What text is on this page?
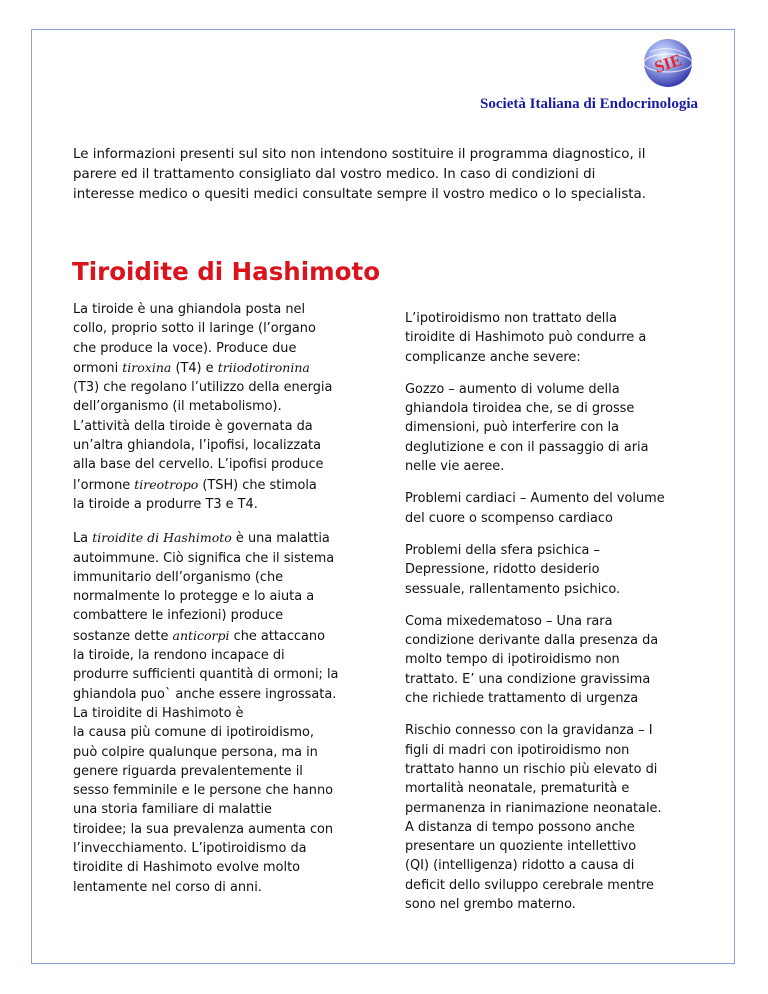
SIE
Società Italiana di Endocrinologia
Le informazioni presenti sul sito non intendono sostituire il programma diagnostico, il
parere ed il trattamento consigliato dal vostro medico. In caso di condizioni di
interesse medico o quesiti medici consultate sempre il vostro medico o lo specialista.
Tiroidite di Hashimoto

La tiroide è una ghiandola posta nel
collo, proprio sotto il laringe (l’organo
che produce la voce). Produce due
ormoni tiroxina (T4) e triiodotironina
(T3) che regolano l’utilizzo della energia
dell’organismo (il metabolismo).
L’attività della tiroide è governata da
un’altra ghiandola, l’ipofisi, localizzata
alla base del cervello. L’ipofisi produce
l’ormone tireotropo (TSH) che stimola
la tiroide a produrre T3 e T4.

La tiroidite di Hashimoto è una malattia
autoimmune. Ciò significa che il sistema
immunitario dell’organismo (che
normalmente lo protegge e lo aiuta a
combattere le infezioni) produce
sostanze dette anticorpi che attaccano
la tiroide, la rendono incapace di
produrre sufficienti quantità di ormoni; la
ghiandola puo` anche essere ingrossata.
La tiroidite di Hashimoto è
la causa più comune di ipotiroidismo,
può colpire qualunque persona, ma in
genere riguarda prevalentemente il
sesso femminile e le persone che hanno
una storia familiare di malattie
tiroidee; la sua prevalenza aumenta con
l’invecchiamento. L’ipotiroidismo da
tiroidite di Hashimoto evolve molto
lentamente nel corso di anni.

L’ipotiroidismo non trattato della
tiroidite di Hashimoto può condurre a
complicanze anche severe:

Gozzo – aumento di volume della
ghiandola tiroidea che, se di grosse
dimensioni, può interferire con la
deglutizione e con il passaggio di aria
nelle vie aeree.

Problemi cardiaci – Aumento del volume
del cuore o scompenso cardiaco

Problemi della sfera psichica –
Depressione, ridotto desiderio
sessuale, rallentamento psichico.

Coma mixedematoso – Una rara
condizione derivante dalla presenza da
molto tempo di ipotiroidismo non
trattato. E’ una condizione gravissima
che richiede trattamento di urgenza

Rischio connesso con la gravidanza – I
figli di madri con ipotiroidismo non
trattato hanno un rischio più elevato di
mortalità neonatale, prematurità e
permanenza in rianimazione neonatale.
A distanza di tempo possono anche
presentare un quoziente intellettivo
(QI) (intelligenza) ridotto a causa di
deficit dello sviluppo cerebrale mentre
sono nel grembo materno.
